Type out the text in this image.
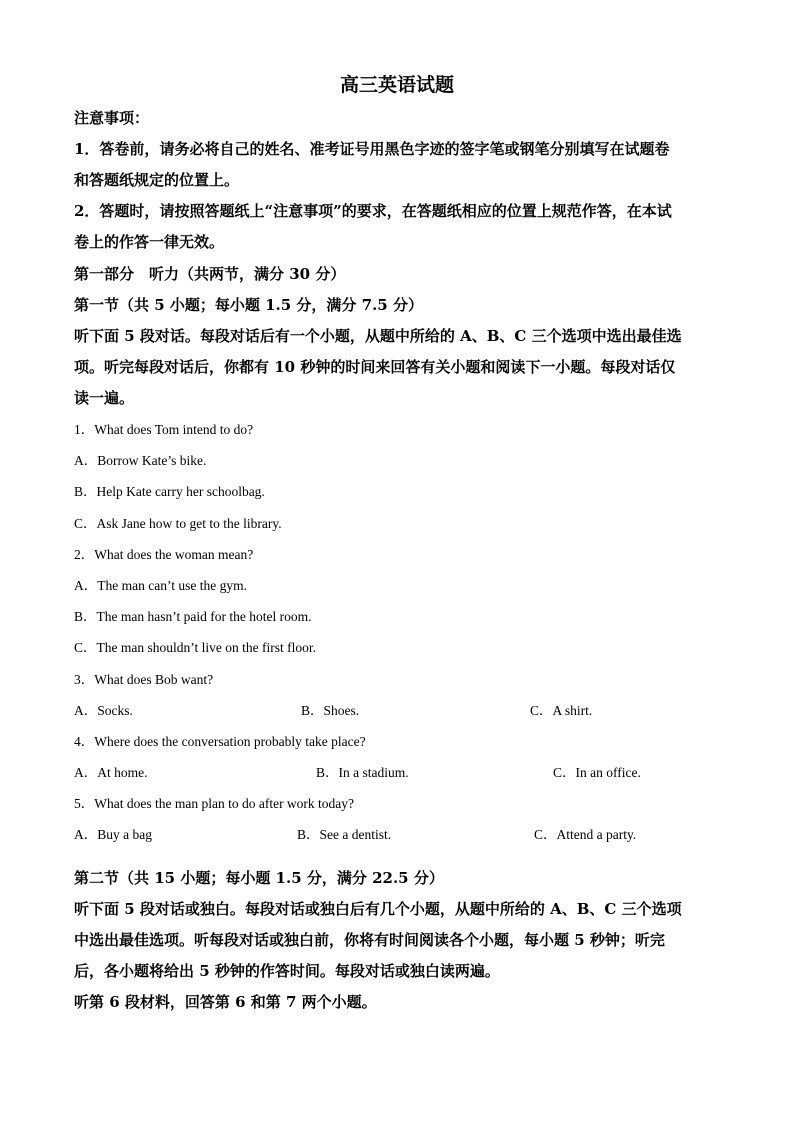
高三英语试题
注意事项：
1．答卷前，请务必将自己的姓名、准考证号用黑色字迹的签字笔或钢笔分别填写在试题卷
和答题纸规定的位置上。
2．答题时，请按照答题纸上“注意事项”的要求，在答题纸相应的位置上规范作答，在本试
卷上的作答一律无效。
第一部分　听力（共两节，满分 30 分）
第一节（共 5 小题；每小题 1.5 分，满分 7.5 分）
听下面 5 段对话。每段对话后有一个小题，从题中所给的 A、B、C 三个选项中选出最佳选
项。听完每段对话后，你都有 10 秒钟的时间来回答有关小题和阅读下一小题。每段对话仅
读一遍。
1．What does Tom intend to do?
A．Borrow Kate’s bike.
B．Help Kate carry her schoolbag.
C．Ask Jane how to get to the library.
2．What does the woman mean?
A．The man can’t use the gym.
B．The man hasn’t paid for the hotel room.
C．The man shouldn’t live on the first floor.
3．What does Bob want?
A．Socks.	B．Shoes.	C．A shirt.
4．Where does the conversation probably take place?
A．At home.	B．In a stadium.	C．In an office.
5．What does the man plan to do after work today?
A．Buy a bag	B．See a dentist.	C．Attend a party.
第二节（共 15 小题；每小题 1.5 分，满分 22.5 分）
听下面 5 段对话或独白。每段对话或独白后有几个小题，从题中所给的 A、B、C 三个选项
中选出最佳选项。听每段对话或独白前，你将有时间阅读各个小题，每小题 5 秒钟；听完
后，各小题将给出 5 秒钟的作答时间。每段对话或独白读两遍。
听第 6 段材料，回答第 6 和第 7 两个小题。
